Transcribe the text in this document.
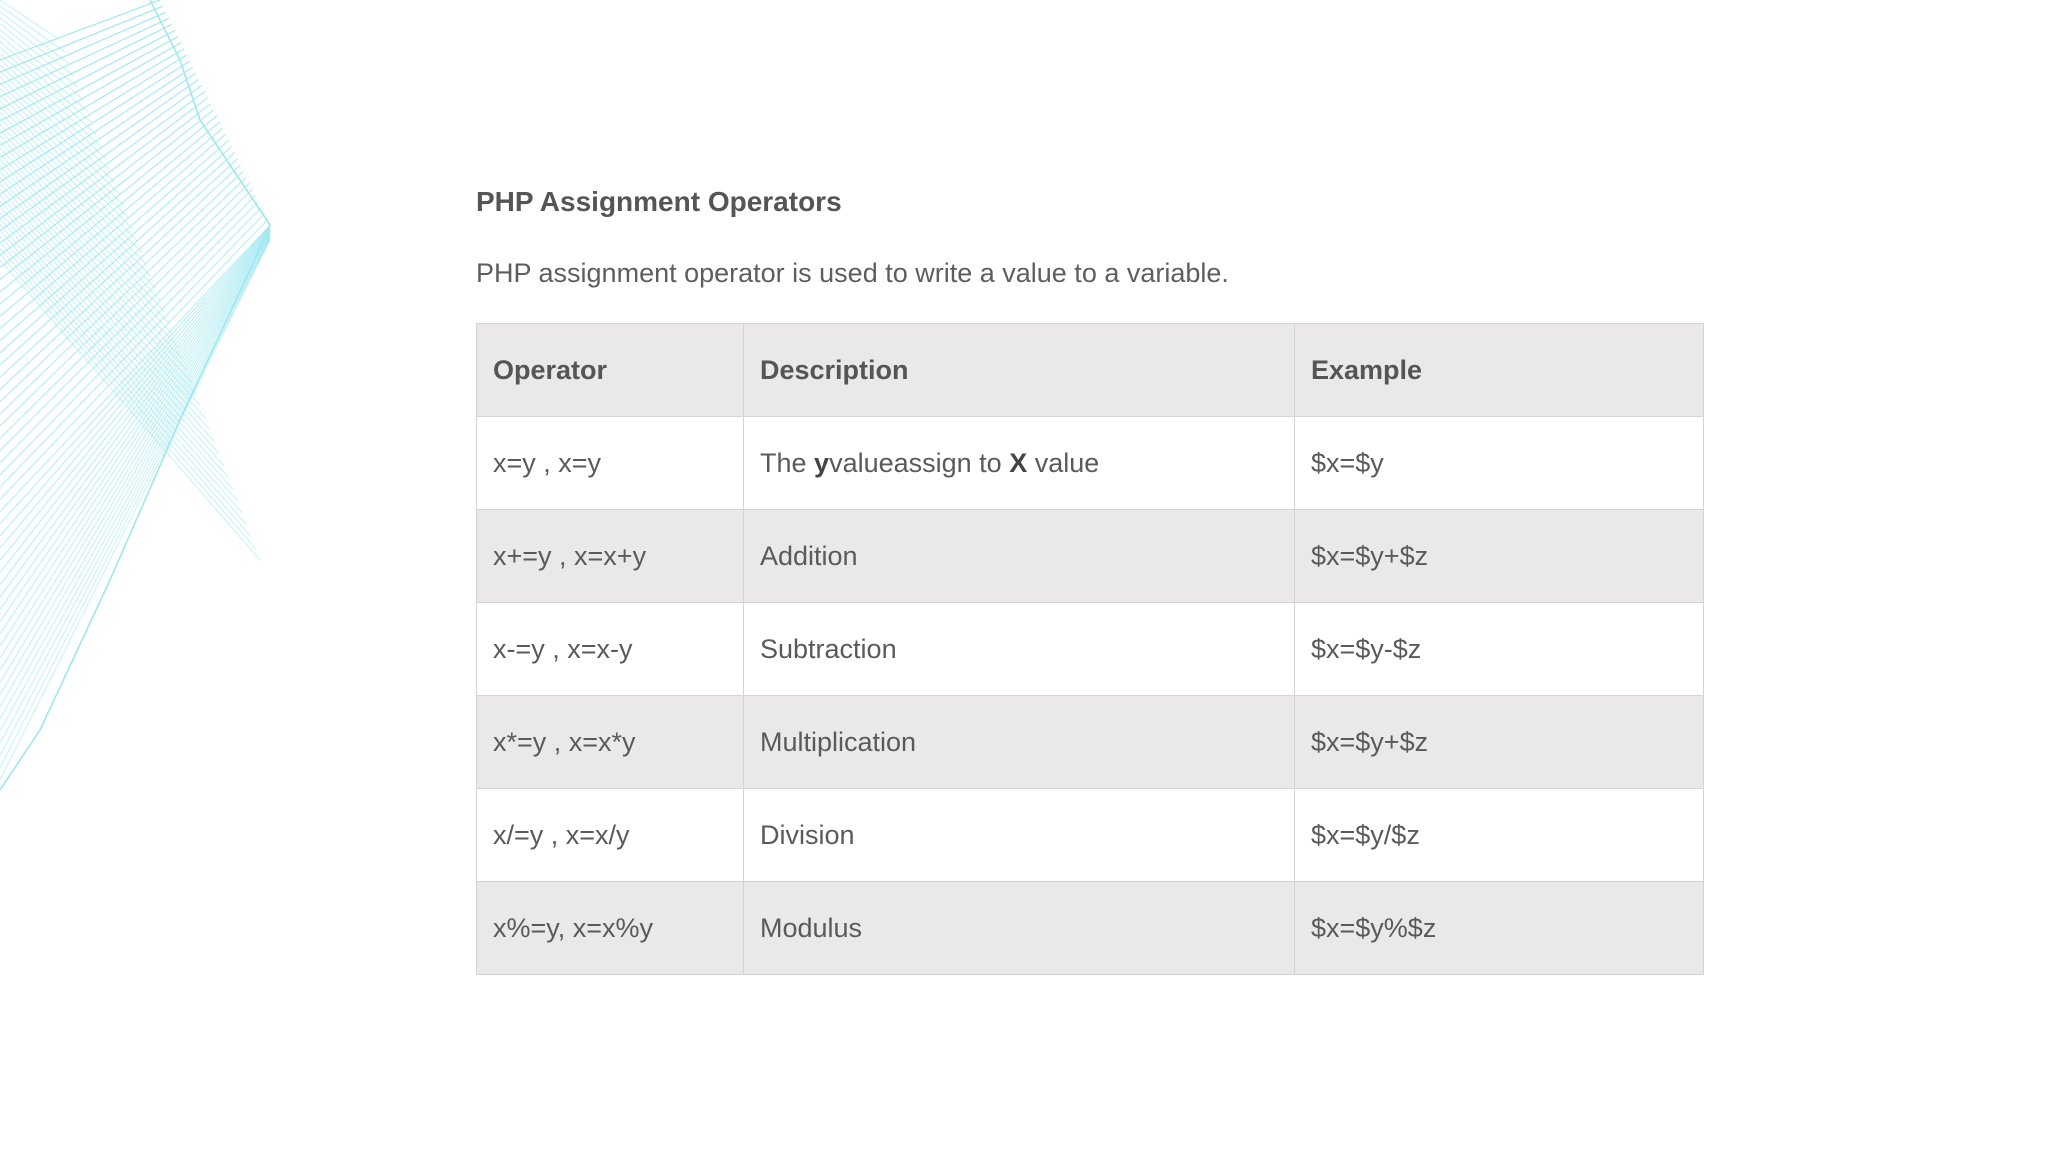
PHP Assignment Operators

PHP assignment operator is used to write a value to a variable.

Operator	Description	Example
x=y , x=y	The yvalueassign to X value	$x=$y
x+=y , x=x+y	Addition	$x=$y+$z
x-=y , x=x-y	Subtraction	$x=$y-$z
x*=y , x=x*y	Multiplication	$x=$y+$z
x/=y , x=x/y	Division	$x=$y/$z
x%=y, x=x%y	Modulus	$x=$y%$z
